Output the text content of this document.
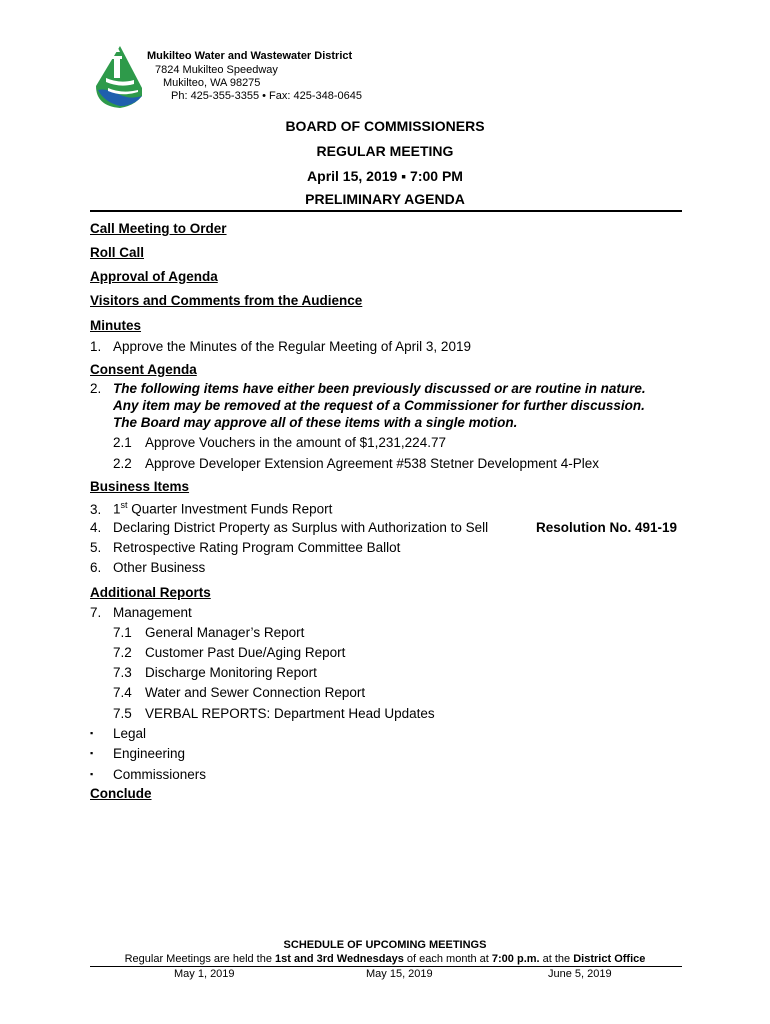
Mukilteo Water and Wastewater District
7824 Mukilteo Speedway
Mukilteo, WA 98275
Ph: 425-355-3355 • Fax: 425-348-0645
BOARD OF COMMISSIONERS
REGULAR MEETING
April 15, 2019 ▪ 7:00 PM
PRELIMINARY AGENDA
Call Meeting to Order
Roll Call
Approval of Agenda
Visitors and Comments from the Audience
Minutes
1. Approve the Minutes of the Regular Meeting of April 3, 2019
Consent Agenda
2. The following items have either been previously discussed or are routine in nature.
Any item may be removed at the request of a Commissioner for further discussion.
The Board may approve all of these items with a single motion.
2.1 Approve Vouchers in the amount of $1,231,224.77
2.2 Approve Developer Extension Agreement #538 Stetner Development 4-Plex
Business Items
3. 1st Quarter Investment Funds Report
4. Declaring District Property as Surplus with Authorization to Sell	Resolution No. 491-19
5. Retrospective Rating Program Committee Ballot
6. Other Business
Additional Reports
7. Management
7.1 General Manager’s Report
7.2 Customer Past Due/Aging Report
7.3 Discharge Monitoring Report
7.4 Water and Sewer Connection Report
7.5 VERBAL REPORTS: Department Head Updates
▪ Legal
▪ Engineering
▪ Commissioners
Conclude
SCHEDULE OF UPCOMING MEETINGS
Regular Meetings are held the 1st and 3rd Wednesdays of each month at 7:00 p.m. at the District Office
May 1, 2019	May 15, 2019	June 5, 2019
